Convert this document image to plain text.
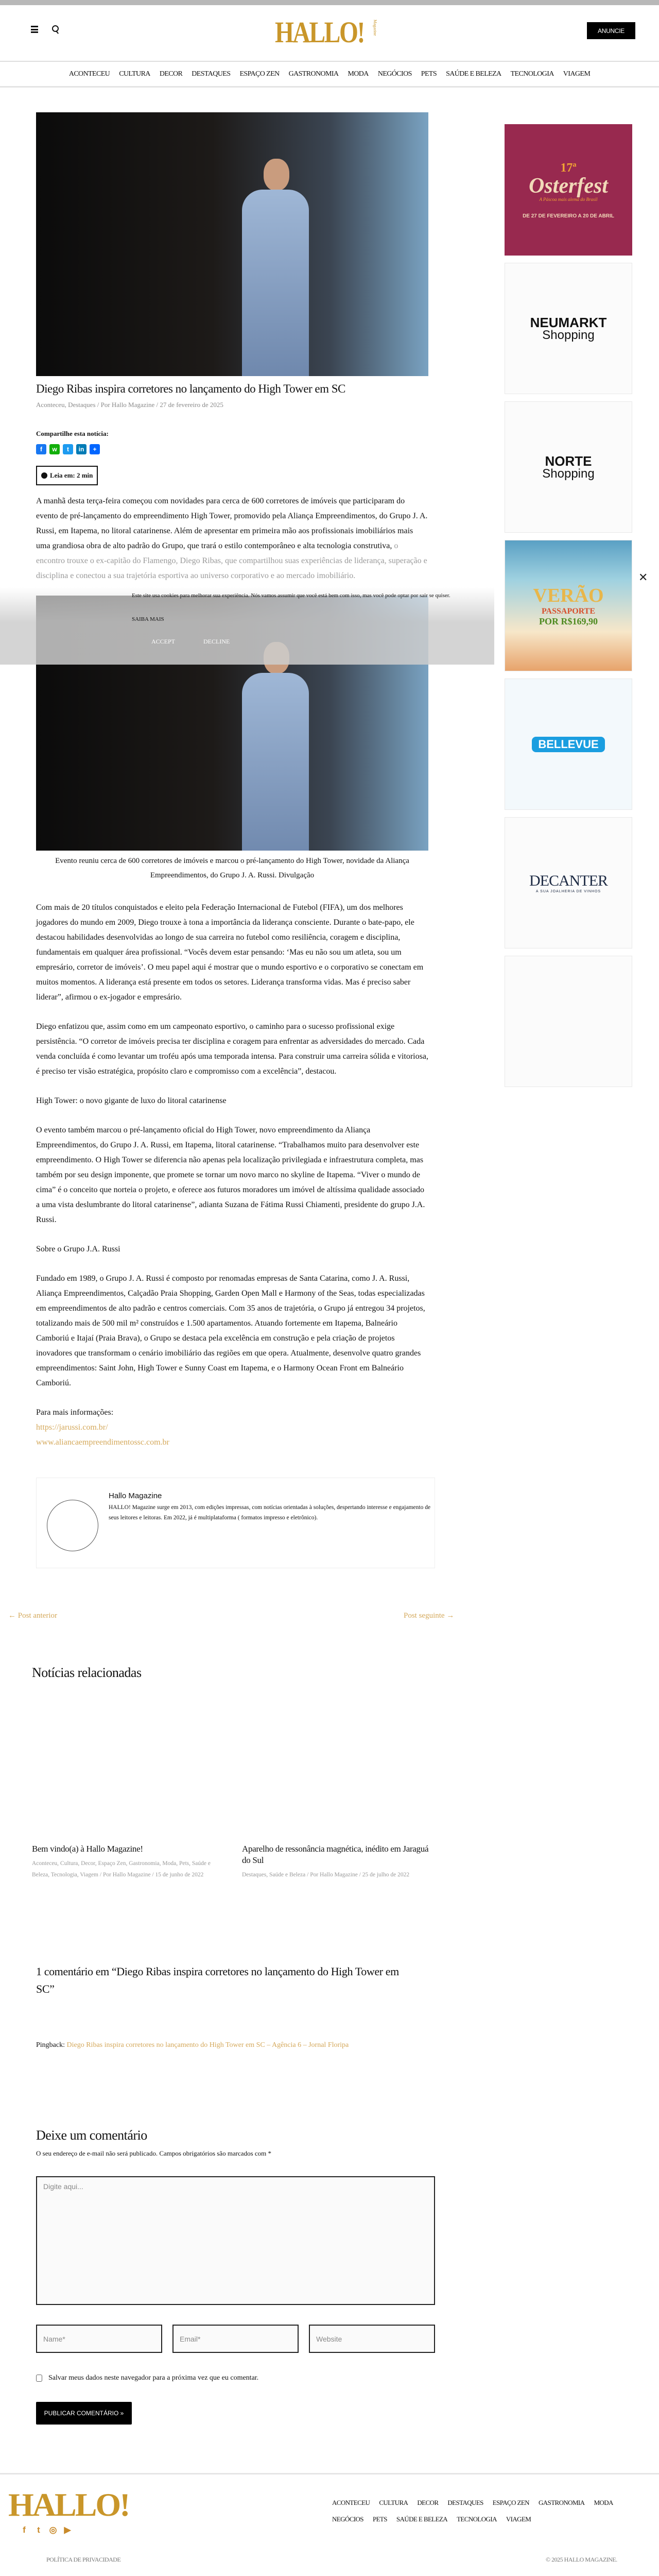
HALLO! Magazine	ANUNCIE
ACONTECEU CULTURA DECOR DESTAQUES ESPAÇO ZEN GASTRONOMIA MODA NEGÓCIOS PETS SAÚDE E BELEZA TECNOLOGIA VIAGEM
Diego Ribas inspira corretores no lançamento do High Tower em SC
Aconteceu, Destaques / Por Hallo Magazine / 27 de fevereiro de 2025
Compartilhe esta notícia:
f	w	t	in	+
Leia em: 2 min

A manhã desta terça-feira começou com novidades para cerca de 600 corretores de imóveis que participaram do evento de pré-lançamento do empreendimento High Tower, promovido pela Aliança Empreendimentos, do Grupo J. A. Russi, em Itapema, no litoral catarinense. Além de apresentar em primeira mão aos profissionais imobiliários mais uma grandiosa obra de alto padrão do Grupo, que trará o estilo contemporâneo e alta tecnologia construtiva, o encontro trouxe o ex-capitão do Flamengo, Diego Ribas, que compartilhou suas experiências de liderança, superação e disciplina e conectou a sua trajetória esportiva ao universo corporativo e ao mercado imobiliário.

Evento reuniu cerca de 600 corretores de imóveis e marcou o pré-lançamento do High Tower, novidade da Aliança Empreendimentos, do Grupo J. A. Russi. Divulgação

Com mais de 20 títulos conquistados e eleito pela Federação Internacional de Futebol (FIFA), um dos melhores jogadores do mundo em 2009, Diego trouxe à tona a importância da liderança consciente. Durante o bate-papo, ele destacou habilidades desenvolvidas ao longo de sua carreira no futebol como resiliência, coragem e disciplina, fundamentais em qualquer área profissional. “Vocês devem estar pensando: ‘Mas eu não sou um atleta, sou um empresário, corretor de imóveis’. O meu papel aqui é mostrar que o mundo esportivo e o corporativo se conectam em muitos momentos. A liderança está presente em todos os setores. Liderança transforma vidas. Mas é preciso saber liderar”, afirmou o ex-jogador e empresário.

Diego enfatizou que, assim como em um campeonato esportivo, o caminho para o sucesso profissional exige persistência. “O corretor de imóveis precisa ter disciplina e coragem para enfrentar as adversidades do mercado. Cada venda concluída é como levantar um troféu após uma temporada intensa. Para construir uma carreira sólida e vitoriosa, é preciso ter visão estratégica, propósito claro e compromisso com a excelência”, destacou.

High Tower: o novo gigante de luxo do litoral catarinense

O evento também marcou o pré-lançamento oficial do High Tower, novo empreendimento da Aliança Empreendimentos, do Grupo J. A. Russi, em Itapema, litoral catarinense. “Trabalhamos muito para desenvolver este empreendimento. O High Tower se diferencia não apenas pela localização privilegiada e infraestrutura completa, mas também por seu design imponente, que promete se tornar um novo marco no skyline de Itapema. “Viver o mundo de cima” é o conceito que norteia o projeto, e oferece aos futuros moradores um imóvel de altíssima qualidade associado a uma vista deslumbrante do litoral catarinense”, adianta Suzana de Fátima Russi Chiamenti, presidente do grupo J.A. Russi.

Sobre o Grupo J.A. Russi

Fundado em 1989, o Grupo J. A. Russi é composto por renomadas empresas de Santa Catarina, como J. A. Russi, Aliança Empreendimentos, Calçadão Praia Shopping, Garden Open Mall e Harmony of the Seas, todas especializadas em empreendimentos de alto padrão e centros comerciais. Com 35 anos de trajetória, o Grupo já entregou 34 projetos, totalizando mais de 500 mil m² construídos e 1.500 apartamentos. Atuando fortemente em Itapema, Balneário Camboriú e Itajaí (Praia Brava), o Grupo se destaca pela excelência em construção e pela criação de projetos inovadores que transformam o cenário imobiliário das regiões em que opera. Atualmente, desenvolve quatro grandes empreendimentos: Saint John, High Tower e Sunny Coast em Itapema, e o Harmony Ocean Front em Balneário Camboriú.

Para mais informações:

https://jarussi.com.br/
www.aliancaempreendimentossc.com.br
17ª
Osterfest
A Páscoa mais alemã do Brasil
DE 27 DE FEVEREIRO A 20 DE ABRIL
NEUMARKT
Shopping
NORTE
Shopping
VERÃO
PASSAPORTE
POR R$169,90
BELLEVUE
DECANTER
A SUA JOALHERIA DE VINHOS
Este site usa cookies para melhorar sua experiência. Nós vamos assumir que você está bem com isso, mas você pode optar por sair se quiser.
SAIBA MAIS
ACCEPT	DECLINE
✕
Hallo Magazine
HALLO! Magazine surge em 2013, com edições impressas, com notícias orientadas à soluções, despertando interesse e engajamento de seus leitores e leitoras. Em 2022, já é multiplataforma ( formatos impresso e eletrônico).
← Post anterior	Post seguinte →
Notícias relacionadas
Bem vindo(a) à Hallo Magazine!
Aconteceu, Cultura, Decor, Espaço Zen, Gastronomia, Moda, Pets, Saúde e Beleza, Tecnologia, Viagem / Por Hallo Magazine / 15 de junho de 2022
Aparelho de ressonância magnética, inédito em Jaraguá do Sul
Destaques, Saúde e Beleza / Por Hallo Magazine / 25 de julho de 2022
1 comentário em “Diego Ribas inspira corretores no lançamento do High Tower em SC”
Pingback: Diego Ribas inspira corretores no lançamento do High Tower em SC – Agência 6 – Jornal Floripa
Deixe um comentário
O seu endereço de e-mail não será publicado. Campos obrigatórios são marcados com *
Digite aqui...
Name*	Email*	Website
Salvar meus dados neste navegador para a próxima vez que eu comentar.
PUBLICAR COMENTÁRIO »
HALLO!
f	t	◎ ▶
ACONTECEU CULTURA DECOR DESTAQUES ESPAÇO ZEN GASTRONOMIA MODA
NEGÓCIOS PETS SAÚDE E BELEZA TECNOLOGIA VIAGEM
POLÍTICA DE PRIVACIDADE	© 2025 HALLO MAGAZINE.
